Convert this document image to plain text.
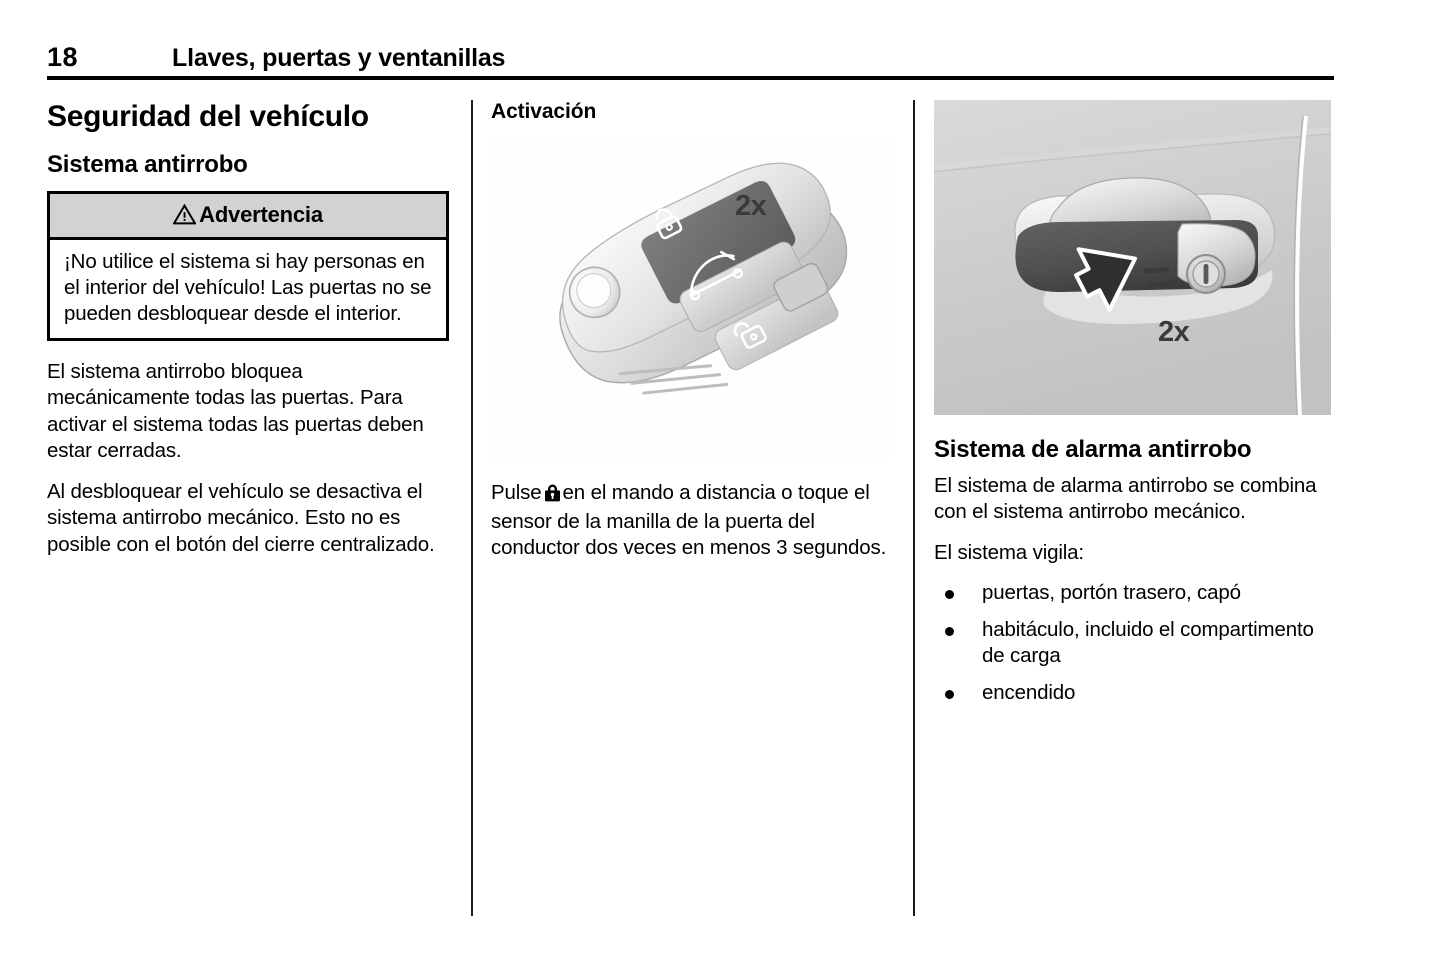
18	Llaves, puertas y ventanillas
Seguridad del vehículo
Sistema antirrobo
Advertencia
¡No utilice el sistema si hay personas en el interior del vehículo! Las puertas no se pueden desbloquear desde el interior.

El sistema antirrobo bloquea mecánicamente todas las puertas. Para activar el sistema todas las puertas deben estar cerradas.

Al desbloquear el vehículo se desactiva el sistema antirrobo mecánico. Esto no es posible con el botón del cierre centralizado.

Activación
2x

Pulse en el mando a distancia o toque el sensor de la manilla de la puerta del conductor dos veces en menos 3 segundos.

2x
Sistema de alarma antirrobo

El sistema de alarma antirrobo se combina con el sistema antirrobo mecánico.

El sistema vigila:

puertas, portón trasero, capó
habitáculo, incluido el compartimento de carga
encendido
